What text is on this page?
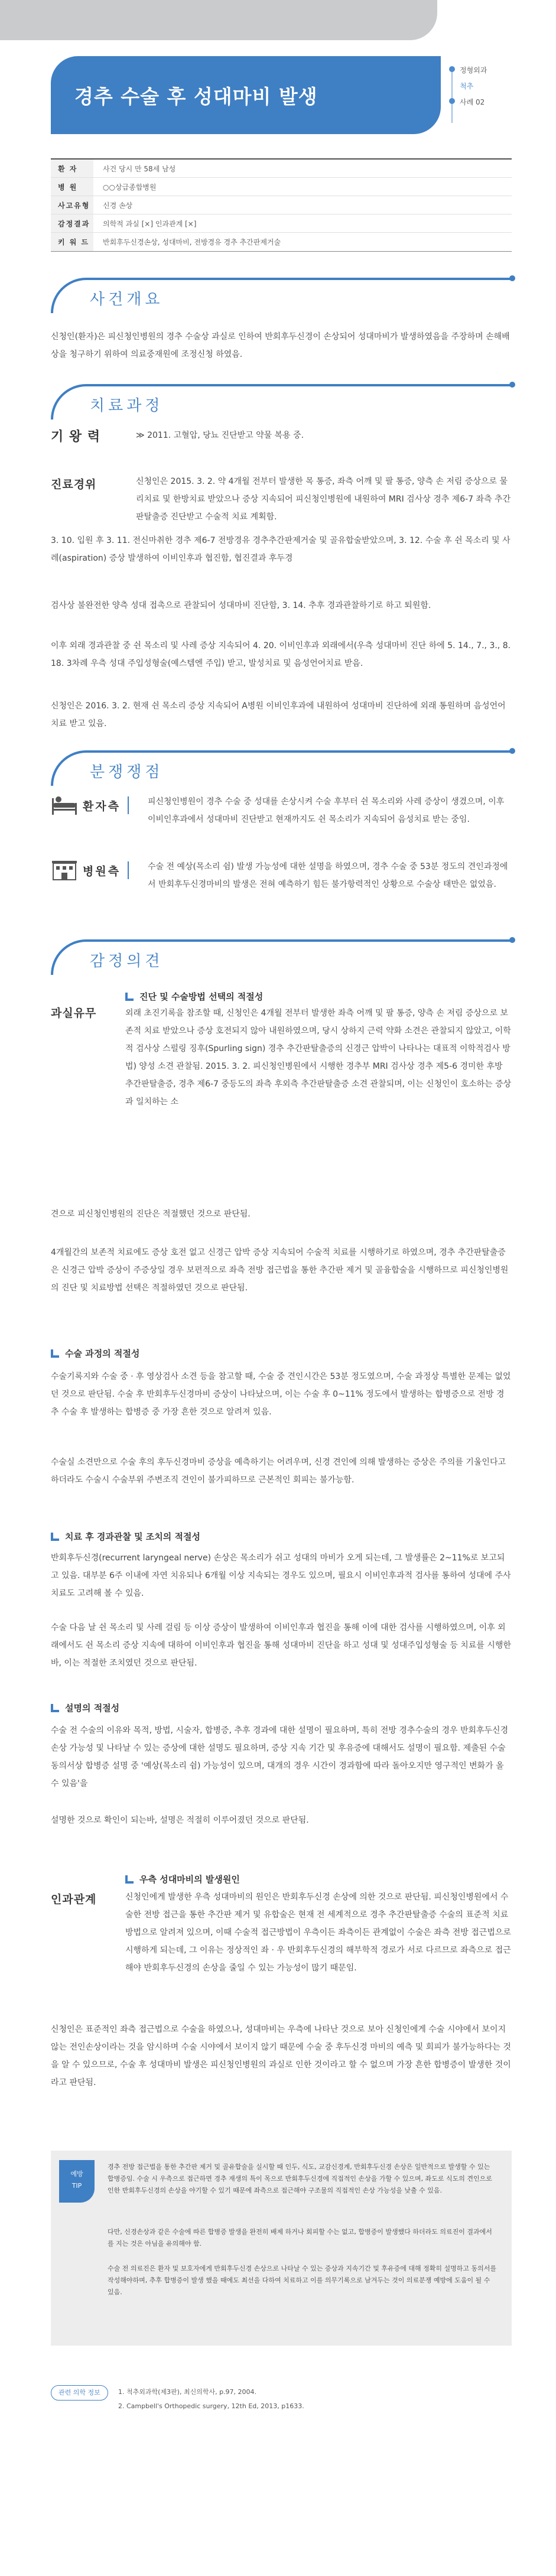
경추 수술 후 성대마비 발생
정형외과
척추
사례 02
환 자	사건 당시 만 58세 남성
병 원	○○상급종합병원
사고유형	신경 손상
감정결과	의학적 과실 [×] 인과관계 [×]
키 워 드	반회후두신경손상, 성대마비, 전방경유 경추 추간판제거술
사건개요
신청인(환자)은 피신청인병원의 경추 수술상 과실로 인하여 반회후두신경이 손상되어 성대마비가 발생하였음을 주장하며 손해배상을 청구하기 위하여 의료중재원에 조정신청 하였음.
치료과정
기 왕 력	≫ 2011. 고혈압, 당뇨 진단받고 약물 복용 중.
진료경위	신청인은 2015. 3. 2. 약 4개월 전부터 발생한 목 통증, 좌측 어깨 및 팔 통증, 양측 손 저림 증상으로 물리치료 및 한방치료 받았으나 증상 지속되어 피신청인병원에 내원하여 MRI 검사상 경추 제6-7 좌측 추간판탈출증 진단받고 수술적 치료 계획함.
3. 10. 입원 후 3. 11. 전신마취한 경추 제6-7 전방경유 경추추간판제거술 및 골유합술받았으며, 3. 12. 수술 후 쉰 목소리 및 사레(aspiration) 증상 발생하여 이비인후과 협진함, 협진결과 후두경
검사상 불완전한 양측 성대 접촉으로 관찰되어 성대마비 진단함, 3. 14. 추후 경과관찰하기로 하고 퇴원함.
이후 외래 경과관찰 중 쉰 목소리 및 사레 증상 지속되어 4. 20. 이비인후과 외래에서(우측 성대마비 진단 하에 5. 14., 7., 3., 8. 18. 3차례 우측 성대 주입성형술(예스템엔 주입) 받고, 발성치료 및 음성언어치료 받음.
신청인은 2016. 3. 2. 현재 쉰 목소리 증상 지속되어 A병원 이비인후과에 내원하여 성대마비 진단하에 외래 통원하며 음성언어치료 받고 있음.
분쟁쟁점
환자측	피신청인병원이 경추 수술 중 성대를 손상시켜 수술 후부터 쉰 목소리와 사레 증상이 생겼으며, 이후 이비인후과에서 성대마비 진단받고 현재까지도 쉰 목소리가 지속되어 음성치료 받는 중임.
병원측	수술 전 예상(목소리 쉼) 발생 가능성에 대한 설명을 하였으며, 경추 수술 중 53분 정도의 견인과정에서 반회후두신경마비의 발생은 전혀 예측하기 힘든 불가항력적인 상황으로 수술상 태만은 없었음.
감정의견
과실유무
진단 및 수술방법 선택의 적절성
외래 초진기록을 참조할 때, 신청인은 4개월 전부터 발생한 좌측 어깨 및 팔 통증, 양측 손 저림 증상으로 보존적 치료 받았으나 증상 호전되지 않아 내원하였으며, 당시 상하지 근력 약화 소견은 관찰되지 않았고, 이학적 검사상 스펄링 징후(Spurling sign) 경추 추간판탈출증의 신경근 압박이 나타나는 대표적 이학적검사 방법) 양성 소견 관찰됨. 2015. 3. 2. 피신청인병원에서 시행한 경추부 MRI 검사상 경추 제5-6 경미한 후방 추간판탈출증, 경추 제6-7 중등도의 좌측 후외측 추간판탈출증 소견 관찰되며, 이는 신청인이 호소하는 증상과 일치하는 소
견으로 피신청인병원의 진단은 적절했던 것으로 판단됨.
4개월간의 보존적 치료에도 증상 호전 없고 신경근 압박 증상 지속되어 수술적 치료를 시행하기로 하였으며, 경추 추간판탈출증은 신경근 압박 증상이 주증상일 경우 보편적으로 좌측 전방 접근법을 통한 추간판 제거 및 골융합술을 시행하므로 피신청인병원의 진단 및 치료방법 선택은 적절하였던 것으로 판단됨.
수술 과정의 적절성
수술기록지와 수술 중 · 후 영상검사 소견 등을 참고할 때, 수술 중 견인시간은 53분 정도였으며, 수술 과정상 특별한 문제는 없었던 것으로 판단됨. 수술 후 반회후두신경마비 증상이 나타났으며, 이는 수술 후 0~11% 정도에서 발생하는 합병증으로 전방 경추 수술 후 발생하는 합병증 중 가장 흔한 것으로 알려져 있음.
수술실 소견만으로 수술 후의 후두신경마비 증상을 예측하기는 어려우며, 신경 견인에 의해 발생하는 증상은 주의를 기울인다고 하더라도 수술시 수술부위 주변조직 견인이 불가피하므로 근본적인 회피는 불가능함.
치료 후 경과관찰 및 조치의 적절성
반회후두신경(recurrent laryngeal nerve) 손상은 목소리가 쉬고 성대의 마비가 오게 되는데, 그 발생률은 2~11%로 보고되고 있음. 대부분 6주 이내에 자연 치유되나 6개월 이상 지속되는 경우도 있으며, 필요시 이비인후과적 검사를 통하여 성대에 주사치료도 고려해 볼 수 있음.
수술 다음 날 쉰 목소리 및 사레 걸림 등 이상 증상이 발생하여 이비인후과 협진을 통해 이에 대한 검사를 시행하였으며, 이후 외래에서도 쉰 목소리 증상 지속에 대하여 이비인후과 협진을 통해 성대마비 진단을 하고 성대 및 성대주입성형술 등 치료를 시행한바, 이는 적절한 조치였던 것으로 판단됨.
설명의 적절성
수술 전 수술의 이유와 목적, 방법, 시술자, 합병증, 추후 경과에 대한 설명이 필요하며, 특히 전방 경추수술의 경우 반회후두신경 손상 가능성 및 나타날 수 있는 증상에 대한 설명도 필요하며, 증상 지속 기간 및 후유증에 대해서도 설명이 필요함. 제출된 수술동의서상 합병증 설명 중 '예상(목소리 쉼) 가능성이 있으며, 대개의 경우 시간이 경과함에 따라 돌아오지만 영구적인 변화가 올 수 있음'을
설명한 것으로 확인이 되는바, 설명은 적절히 이루어졌던 것으로 판단됨.
인과관계
우측 성대마비의 발생원인
신청인에게 발생한 우측 성대마비의 원인은 반회후두신경 손상에 의한 것으로 판단됨. 피신청인병원에서 수술한 전방 접근을 통한 추간판 제거 및 유합술은 현재 전 세계적으로 경추 추간판탈출증 수술의 표준적 치료방법으로 알려져 있으며, 이때 수술적 접근방법이 우측이든 좌측이든 관계없이 수술은 좌측 전방 접근법으로 시행하게 되는데, 그 이유는 정상적인 좌 · 우 반회후두신경의 해부학적 경로가 서로 다르므로 좌측으로 접근해야 반회후두신경의 손상을 줄일 수 있는 가능성이 많기 때문임.
신청인은 표준적인 좌측 접근법으로 수술을 하였으나, 성대마비는 우측에 나타난 것으로 보아 신청인에게 수술 시야에서 보이지 않는 전인손상이라는 것을 암시하며 수술 시야에서 보이지 않기 때문에 수술 중 후두신경 마비의 예측 및 회피가 불가능하다는 것을 알 수 있으므로, 수술 후 성대마비 발생은 피신청인병원의 과실로 인한 것이라고 할 수 없으며 가장 흔한 합병증이 발생한 것이라고 판단됨.
예방
TIP
경추 전방 접근법을 통한 추간판 제거 및 골유합술을 실시할 때 인두, 식도, 교감신경계, 반회후두신경 손상은 일반적으로 발생할 수 있는 합병증임. 수술 시 우측으로 접근하면 경추 재생의 특이 목으로 반회후두신경에 직접적인 손상을 가할 수 있으며, 좌도로 식도의 견인으로 인한 반회후두신경의 손상을 야기할 수 있기 때문에 좌측으로 접근해야 구조물의 직접적인 손상 가능성을 낮출 수 있음.
다만, 신경손상과 같은 수술에 따른 합병증 발생을 완전히 배제 하거나 회피할 수는 없고, 합병증이 발생했다 하더라도 의료진이 결과에서를 지는 것은 아님을 유의해야 함.
수술 전 의료진은 환자 및 보호자에게 반회후두신경 손상으로 나타날 수 있는 증상과 지속기간 및 후유증에 대해 정확히 설명하고 동의서를 작성해야하며, 추후 합병증이 발생 했을 때에도 최선을 다하여 치료하고 이를 의무기록으로 남겨두는 것이 의료분쟁 예방에 도움이 될 수 있음.
관련 의학 정보	1. 척추외과학(제3판), 최신의학사, p.97, 2004.
2. Campbell's Orthopedic surgery, 12th Ed, 2013, p1633.
